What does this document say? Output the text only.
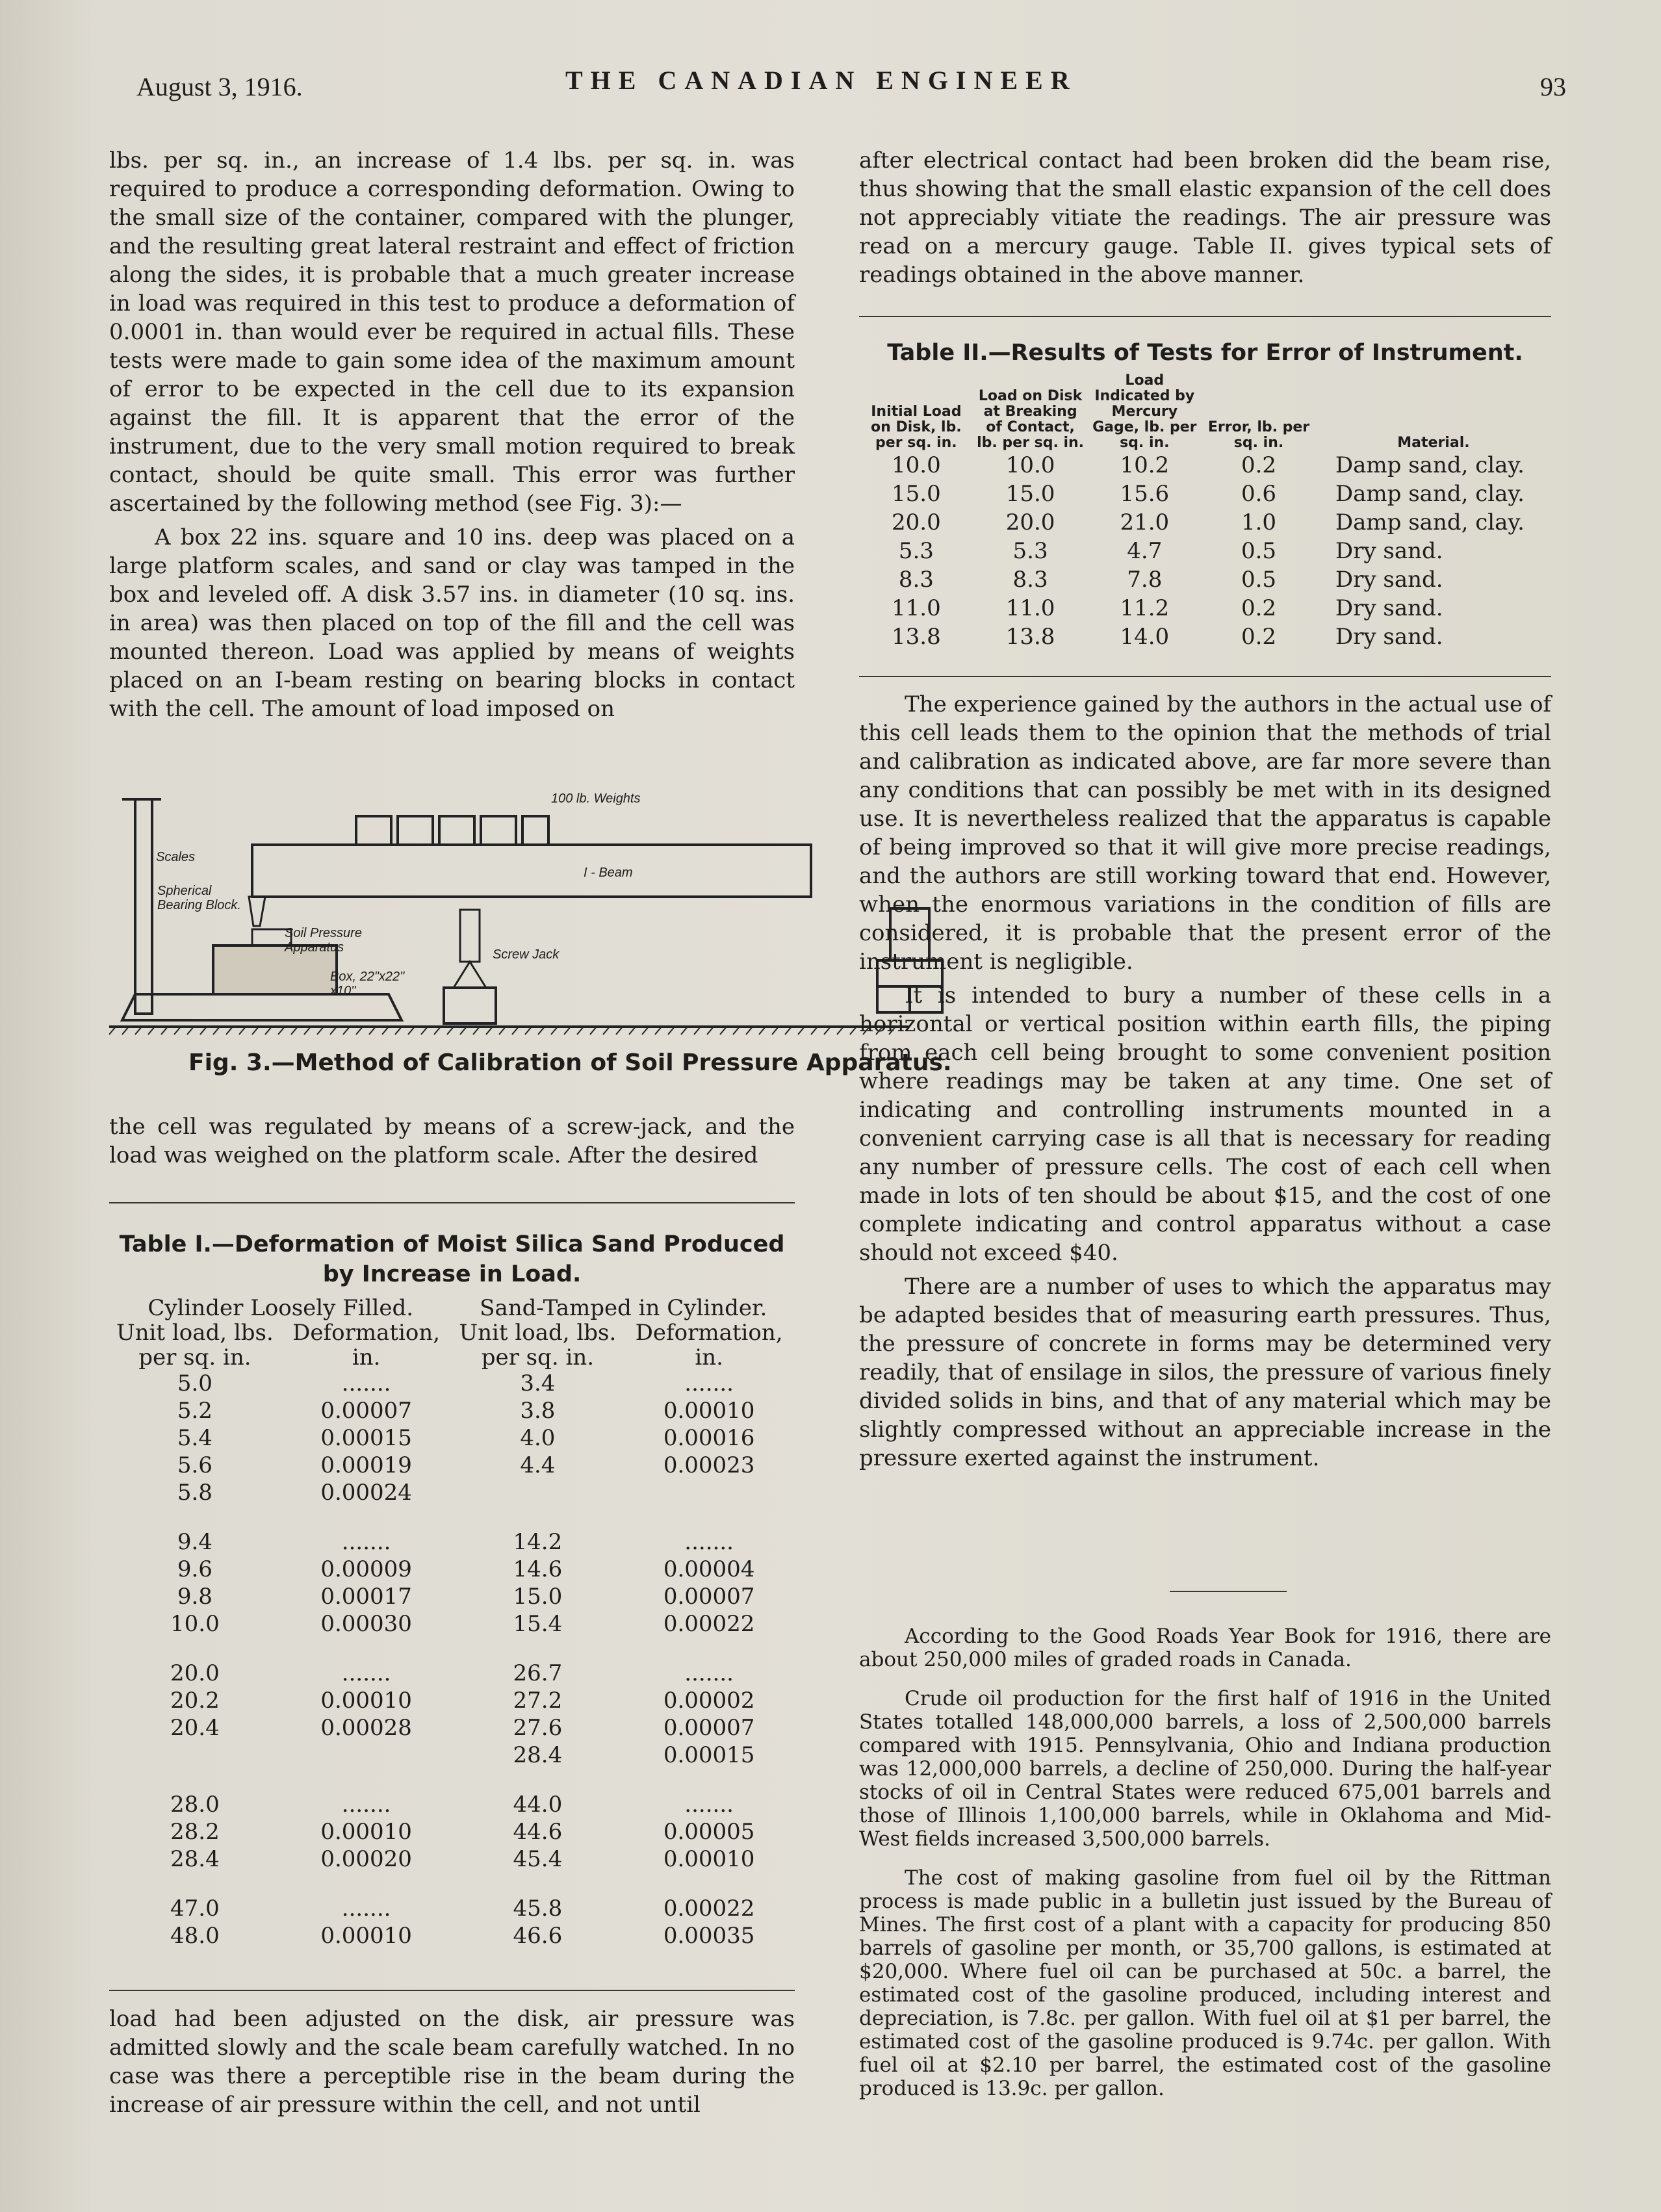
August 3, 1916.	THE CANADIAN ENGINEER	93

lbs. per sq. in., an increase of 1.4 lbs. per sq. in. was required to produce a corresponding deformation. Owing to the small size of the container, compared with the plunger, and the resulting great lateral restraint and effect of friction along the sides, it is probable that a much greater increase in load was required in this test to produce a deformation of 0.0001 in. than would ever be required in actual fills. These tests were made to gain some idea of the maximum amount of error to be expected in the cell due to its expansion against the fill. It is apparent that the error of the instrument, due to the very small motion required to break contact, should be quite small. This error was further ascertained by the following method (see Fig. 3):—

A box 22 ins. square and 10 ins. deep was placed on a large platform scales, and sand or clay was tamped in the box and leveled off. A disk 3.57 ins. in diameter (10 sq. ins. in area) was then placed on top of the fill and the cell was mounted thereon. Load was applied by means of weights placed on an I-beam resting on bearing blocks in contact with the cell. The amount of load imposed on

100 lb. Weights
Scales
I - Beam
Spherical Bearing Block.
Soil Pressure Apparatus	Screw Jack
Box, 22"x22" x10"
Fig. 3.—Method of Calibration of Soil Pressure Apparatus.

the cell was regulated by means of a screw-jack, and the load was weighed on the platform scale. After the desired

Table I.—Deformation of Moist Silica Sand Produced by Increase in Load.
Cylinder Loosely Filled.		Sand-Tamped in Cylinder.	
Unit load, lbs. per sq. in.	Deformation, in.	Unit load, lbs. per sq. in.	Deformation, in.
5.0	.......	3.4	.......
5.2	0.00007	3.8	0.00010
5.4	0.00015	4.0	0.00016
5.6	0.00019	4.4	0.00023
5.8	0.00024		

9.4	.......	14.2	.......
9.6	0.00009	14.6	0.00004
9.8	0.00017	15.0	0.00007
10.0	0.00030	15.4	0.00022

20.0	.......	26.7	.......
20.2	0.00010	27.2	0.00002
20.4	0.00028	27.6	0.00007
		28.4	0.00015

28.0	.......	44.0	.......
28.2	0.00010	44.6	0.00005
28.4	0.00020	45.4	0.00010

47.0	.......	45.8	0.00022
48.0	0.00010	46.6	0.00035

load had been adjusted on the disk, air pressure was admitted slowly and the scale beam carefully watched. In no case was there a perceptible rise in the beam during the increase of air pressure within the cell, and not until

after electrical contact had been broken did the beam rise, thus showing that the small elastic expansion of the cell does not appreciably vitiate the readings. The air pressure was read on a mercury gauge. Table II. gives typical sets of readings obtained in the above manner.

Table II.—Results of Tests for Error of Instrument.
Initial Load on Disk, lb. per sq. in.	Load on Disk at Breaking of Contact, lb. per sq. in.	Load Indicated by Mercury Gage, lb. per sq. in.	Error, lb. per sq. in.	Material.
10.0	10.0	10.2	0.2	Damp sand, clay.
15.0	15.0	15.6	0.6	Damp sand, clay.
20.0	20.0	21.0	1.0	Damp sand, clay.
5.3	5.3	4.7	0.5	Dry sand.
8.3	8.3	7.8	0.5	Dry sand.
11.0	11.0	11.2	0.2	Dry sand.
13.8	13.8	14.0	0.2	Dry sand.

The experience gained by the authors in the actual use of this cell leads them to the opinion that the methods of trial and calibration as indicated above, are far more severe than any conditions that can possibly be met with in its designed use. It is nevertheless realized that the apparatus is capable of being improved so that it will give more precise readings, and the authors are still working toward that end. However, when the enormous variations in the condition of fills are considered, it is probable that the present error of the instrument is negligible.

It is intended to bury a number of these cells in a horizontal or vertical position within earth fills, the piping from each cell being brought to some convenient position where readings may be taken at any time. One set of indicating and controlling instruments mounted in a convenient carrying case is all that is necessary for reading any number of pressure cells. The cost of each cell when made in lots of ten should be about $15, and the cost of one complete indicating and control apparatus without a case should not exceed $40.

There are a number of uses to which the apparatus may be adapted besides that of measuring earth pressures. Thus, the pressure of concrete in forms may be determined very readily, that of ensilage in silos, the pressure of various finely divided solids in bins, and that of any material which may be slightly compressed without an appreciable increase in the pressure exerted against the instrument.

According to the Good Roads Year Book for 1916, there are about 250,000 miles of graded roads in Canada.

Crude oil production for the first half of 1916 in the United States totalled 148,000,000 barrels, a loss of 2,500,000 barrels compared with 1915. Pennsylvania, Ohio and Indiana production was 12,000,000 barrels, a decline of 250,000. During the half-year stocks of oil in Central States were reduced 675,001 barrels and those of Illinois 1,100,000 barrels, while in Oklahoma and Mid-West fields increased 3,500,000 barrels.

The cost of making gasoline from fuel oil by the Rittman process is made public in a bulletin just issued by the Bureau of Mines. The first cost of a plant with a capacity for producing 850 barrels of gasoline per month, or 35,700 gallons, is estimated at $20,000. Where fuel oil can be purchased at 50c. a barrel, the estimated cost of the gasoline produced, including interest and depreciation, is 7.8c. per gallon. With fuel oil at $1 per barrel, the estimated cost of the gasoline produced is 9.74c. per gallon. With fuel oil at $2.10 per barrel, the estimated cost of the gasoline produced is 13.9c. per gallon.
